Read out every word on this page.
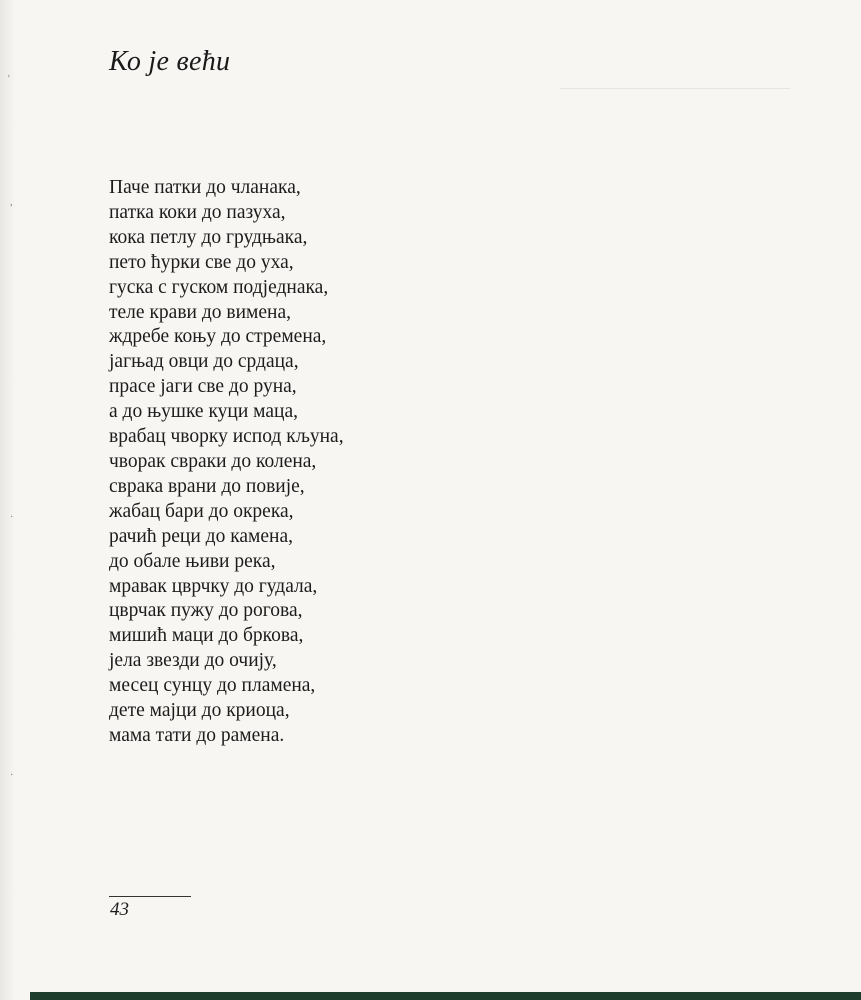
Ко је већи
Паче патки до чланака,
патка коки до пазуха,
кока петлу до грудњака,
пето ћурки све до уха,
гуска с гуском подједнака,
теле крави до вимена,
ждребе коњу до стремена,
јагњад овци до срдаца,
прасе јаги све до руна,
а до њушке куци маца,
врабац чворку испод кљуна,
чворак свраки до колена,
сврака врани до повије,
жабац бари до окрека,
рачић реци до камена,
до обале њиви река,
мравак цврчку до гудала,
цврчак пужу до рогова,
мишић маци до бркова,
јела звезди до очију,
месец сунцу до пламена,
дете мајци до криоца,
мама тати до рамена.
43
'
,
·
·
